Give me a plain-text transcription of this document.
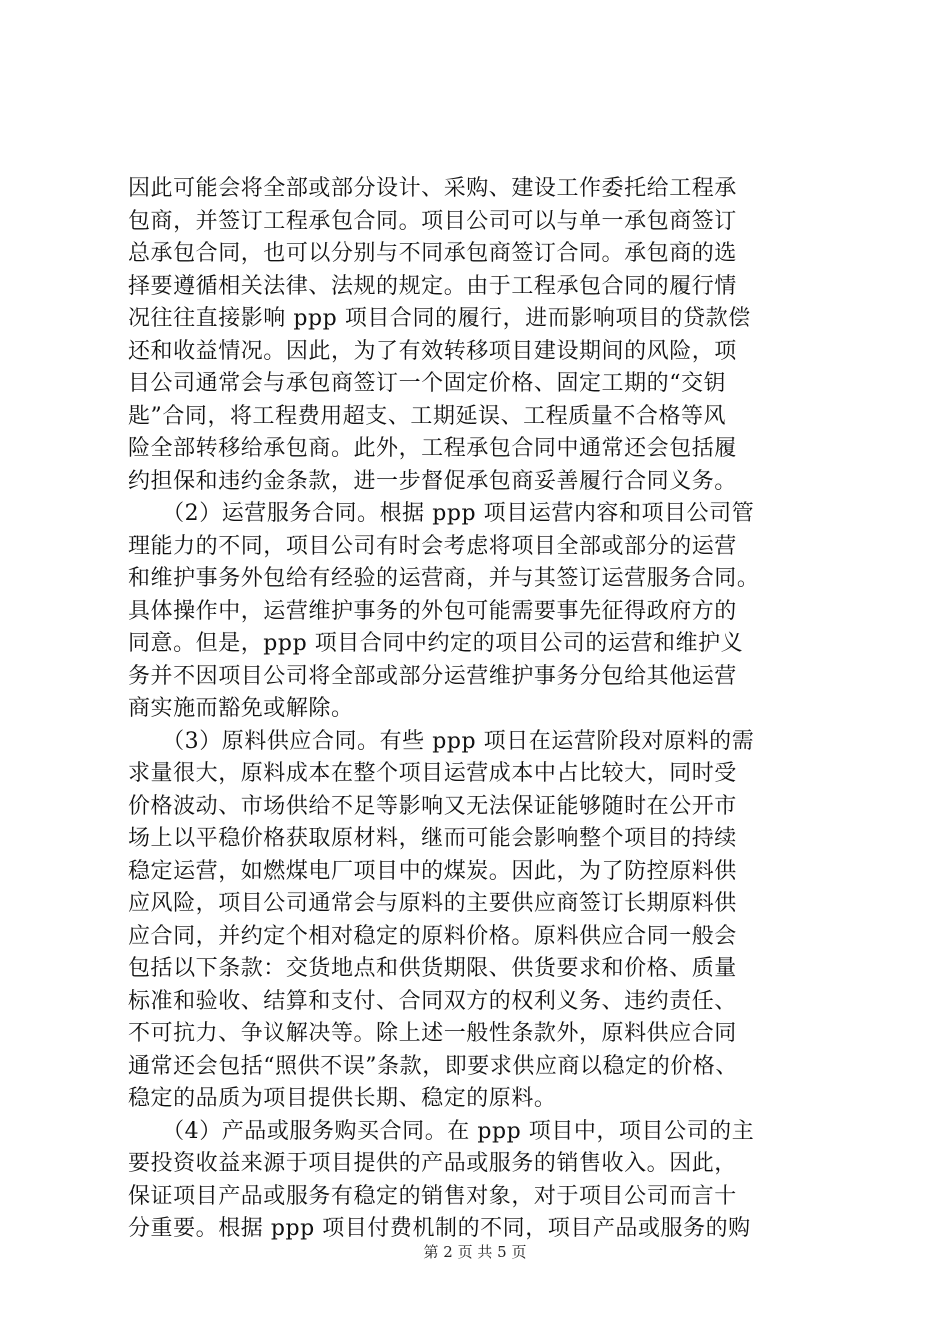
因此可能会将全部或部分设计、采购、建设工作委托给工程承
包商，并签订工程承包合同。项目公司可以与单一承包商签订
总承包合同，也可以分别与不同承包商签订合同。承包商的选
择要遵循相关法律、法规的规定。由于工程承包合同的履行情
况往往直接影响 ppp 项目合同的履行，进而影响项目的贷款偿
还和收益情况。因此，为了有效转移项目建设期间的风险，项
目公司通常会与承包商签订一个固定价格、固定工期的“交钥
匙”合同，将工程费用超支、工期延误、工程质量不合格等风
险全部转移给承包商。此外，工程承包合同中通常还会包括履
约担保和违约金条款，进一步督促承包商妥善履行合同义务。
　　（2）运营服务合同。根据 ppp 项目运营内容和项目公司管
理能力的不同，项目公司有时会考虑将项目全部或部分的运营
和维护事务外包给有经验的运营商，并与其签订运营服务合同。
具体操作中，运营维护事务的外包可能需要事先征得政府方的
同意。但是，ppp 项目合同中约定的项目公司的运营和维护义
务并不因项目公司将全部或部分运营维护事务分包给其他运营
商实施而豁免或解除。
　　（3）原料供应合同。有些 ppp 项日在运营阶段对原料的需
求量很大，原料成本在整个项目运营成本中占比较大，同时受
价格波动、市场供给不足等影响又无法保证能够随时在公开市
场上以平稳价格获取原材料，继而可能会影响整个项目的持续
稳定运营，如燃煤电厂项目中的煤炭。因此，为了防控原料供
应风险，项目公司通常会与原料的主要供应商签订长期原料供
应合同，并约定个相对稳定的原料价格。原料供应合同一般会
包括以下条款：交货地点和供货期限、供货要求和价格、质量
标准和验收、结算和支付、合同双方的权利义务、违约责任、
不可抗力、争议解决等。除上述一般性条款外，原料供应合同
通常还会包括“照供不误”条款，即要求供应商以稳定的价格、
稳定的品质为项目提供长期、稳定的原料。
　　（4）产品或服务购买合同。在 ppp 项目中，项目公司的主
要投资收益来源于项目提供的产品或服务的销售收入。因此，
保证项目产品或服务有稳定的销售对象，对于项目公司而言十
分重要。根据 ppp 项目付费机制的不同，项目产品或服务的购
第 2 页 共 5 页
